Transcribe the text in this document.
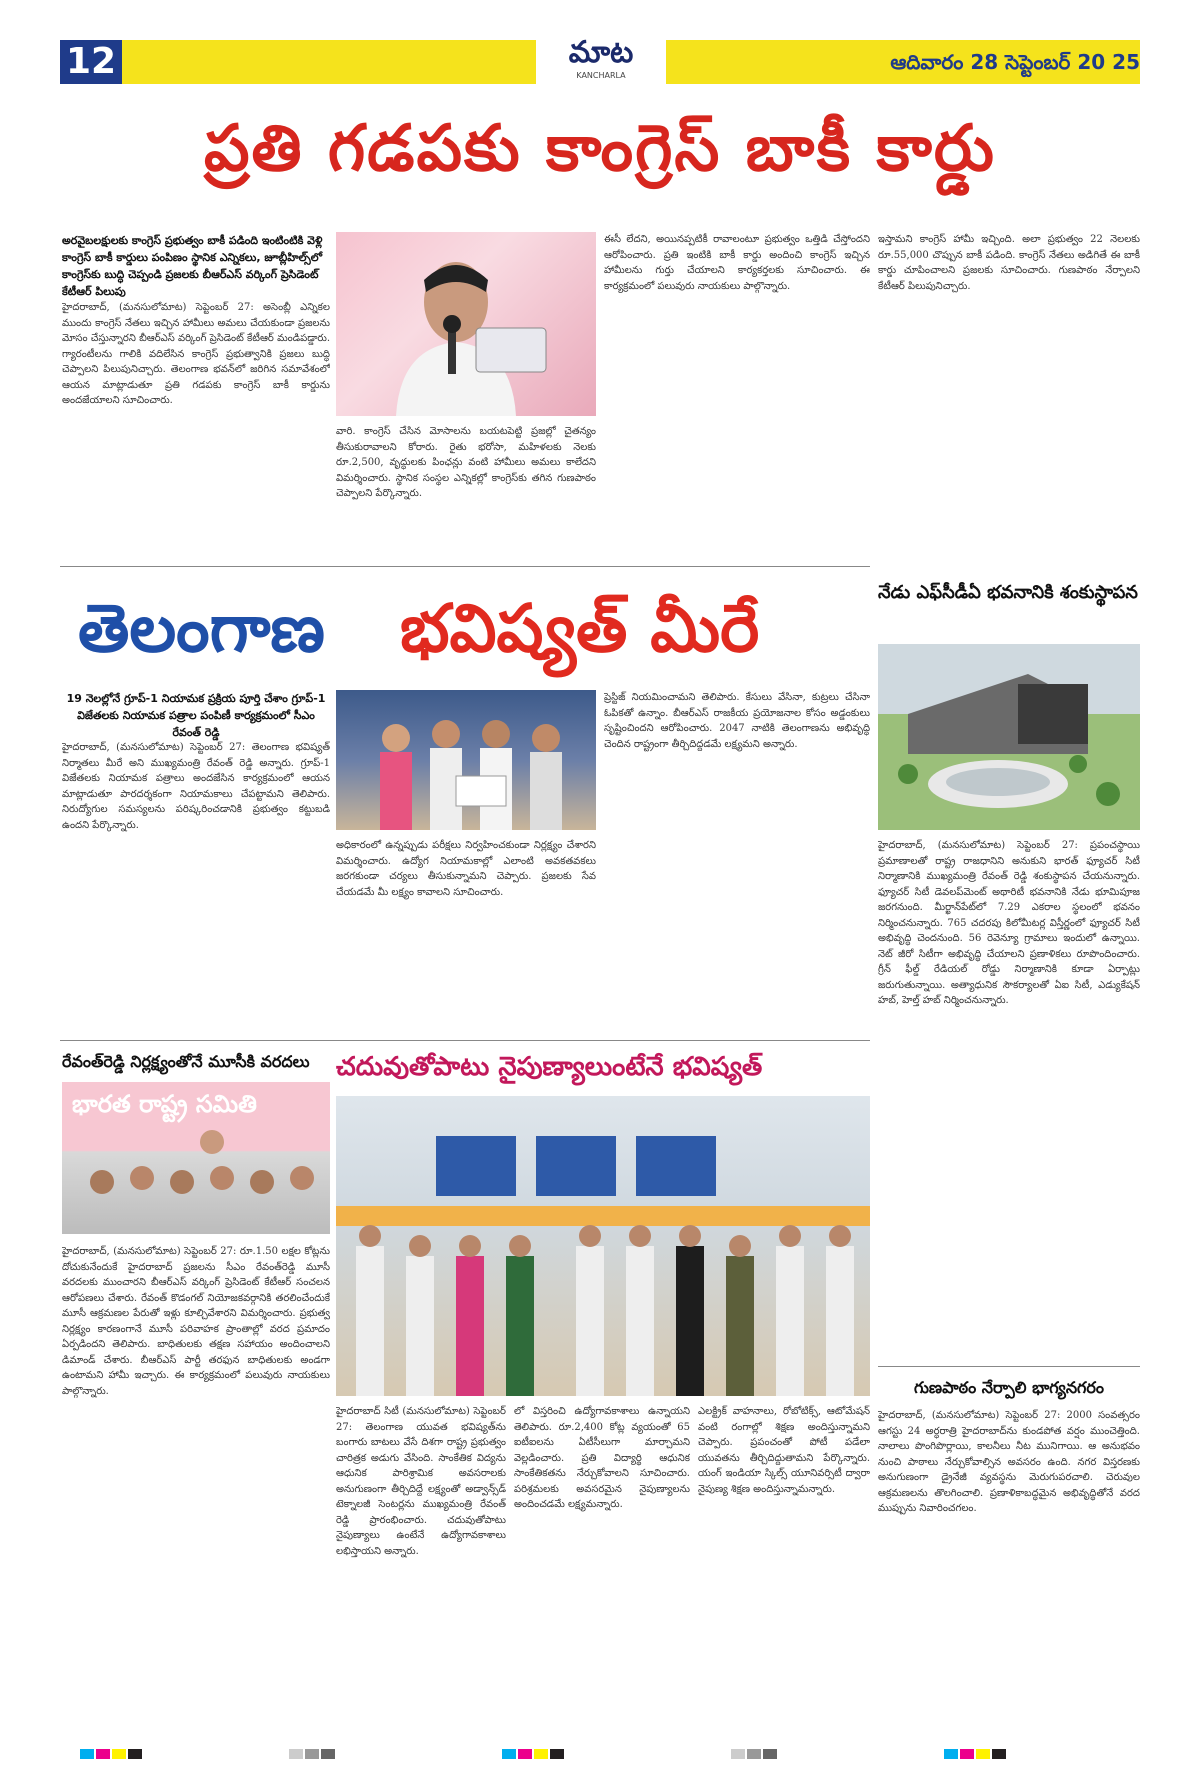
12	మాట
KANCHARLA
ఆదివారం 28 సెప్టెంబర్ 20 25
ప్రతి గడపకు కాంగ్రెస్ బాకీ కార్డు
అరవైబలక్షులకు కాంగ్రెస్ ప్రభుత్వం బాకీ పడింది ఇంటింటికి వెళ్లి కాంగ్రెస్ బాకీ కార్డులు పంపిణం స్థానిక ఎన్నికలు, జూబ్లీహిల్స్‌లో కాంగ్రెస్‌కు బుద్ధి చెప్పండి ప్రజలకు బీఆర్ఎస్ వర్కింగ్ ప్రెసిడెంట్ కేటీఆర్ పిలుపు
హైదరాబాద్, (మనసులోమాట) సెప్టెంబర్ 27: అసెంబ్లీ ఎన్నికల ముందు కాంగ్రెస్ నేతలు ఇచ్చిన హామీలు అమలు చేయకుండా ప్రజలను మోసం చేస్తున్నారని బీఆర్ఎస్ వర్కింగ్ ప్రెసిడెంట్ కేటీఆర్ మండిపడ్డారు. గ్యారంటీలను గాలికి వదిలేసిన కాంగ్రెస్ ప్రభుత్వానికి ప్రజలు బుద్ధి చెప్పాలని పిలుపునిచ్చారు. తెలంగాణ భవన్‌లో జరిగిన సమావేశంలో ఆయన మాట్లాడుతూ ప్రతి గడపకు కాంగ్రెస్ బాకీ కార్డును అందజేయాలని సూచించారు.
వారి. కాంగ్రెస్ చేసిన మోసాలను బయటపెట్టి ప్రజల్లో చైతన్యం తీసుకురావాలని కోరారు. రైతు భరోసా, మహిళలకు నెలకు రూ.2,500, వృద్ధులకు పింఛన్లు వంటి హామీలు అమలు కాలేదని విమర్శించారు. స్థానిక సంస్థల ఎన్నికల్లో కాంగ్రెస్‌కు తగిన గుణపాఠం చెప్పాలని పేర్కొన్నారు.
ఈసీ లేదని, అయినప్పటికీ రావాలంటూ ప్రభుత్వం ఒత్తిడి చేస్తోందని ఆరోపించారు. ప్రతి ఇంటికి బాకీ కార్డు అందించి కాంగ్రెస్ ఇచ్చిన హామీలను గుర్తు చేయాలని కార్యకర్తలకు సూచించారు. ఈ కార్యక్రమంలో పలువురు నాయకులు పాల్గొన్నారు.
ఇస్తామని కాంగ్రెస్ హామీ ఇచ్చింది. అలా ప్రభుత్వం 22 నెలలకు రూ.55,000 చొప్పున బాకీ పడింది. కాంగ్రెస్ నేతలు అడిగితే ఈ బాకీ కార్డు చూపించాలని ప్రజలకు సూచించారు. గుణపాఠం నేర్పాలని కేటీఆర్ పిలుపునిచ్చారు.
తెలంగాణ భవిష్యత్ మీరే
19 నెలల్లోనే గ్రూప్-1 నియామక ప్రక్రియ పూర్తి చేశాం గ్రూప్-1 విజేతలకు నియామక పత్రాల పంపిణీ కార్యక్రమంలో సీఎం రేవంత్ రెడ్డి
హైదరాబాద్, (మనసులోమాట) సెప్టెంబర్ 27: తెలంగాణ భవిష్యత్ నిర్మాతలు మీరే అని ముఖ్యమంత్రి రేవంత్ రెడ్డి అన్నారు. గ్రూప్-1 విజేతలకు నియామక పత్రాలు అందజేసిన కార్యక్రమంలో ఆయన మాట్లాడుతూ పారదర్శకంగా నియామకాలు చేపట్టామని తెలిపారు. నిరుద్యోగుల సమస్యలను పరిష్కరించడానికి ప్రభుత్వం కట్టుబడి ఉందని పేర్కొన్నారు.
అధికారంలో ఉన్నప్పుడు పరీక్షలు నిర్వహించకుండా నిర్లక్ష్యం చేశారని విమర్శించారు. ఉద్యోగ నియామకాల్లో ఎలాంటి అవకతవకలు జరగకుండా చర్యలు తీసుకున్నామని చెప్పారు. ప్రజలకు సేవ చేయడమే మీ లక్ష్యం కావాలని సూచించారు.
ప్రెస్టిజ్ నియమించామని తెలిపారు. కేసులు వేసినా, కుట్రలు చేసినా ఓపికతో ఉన్నాం. బీఆర్ఎస్ రాజకీయ ప్రయోజనాల కోసం అడ్డంకులు సృష్టించిందని ఆరోపించారు. 2047 నాటికి తెలంగాణను అభివృద్ధి చెందిన రాష్ట్రంగా తీర్చిదిద్దడమే లక్ష్యమని అన్నారు.
నేడు ఎఫ్‌సీడీఏ భవనానికి శంకుస్థాపన
హైదరాబాద్, (మనసులోమాట) సెప్టెంబర్ 27: ప్రపంచస్థాయి ప్రమాణాలతో రాష్ట్ర రాజధానిని అనుకుని భారత్ ఫ్యూచర్ సిటీ నిర్మాణానికి ముఖ్యమంత్రి రేవంత్ రెడ్డి శంకుస్థాపన చేయనున్నారు. ఫ్యూచర్ సిటీ డెవలప్‌మెంట్ అథారిటీ భవనానికి నేడు భూమిపూజ జరగనుంది. మీర్ఖాన్‌పేట్‌లో 7.29 ఎకరాల స్థలంలో భవనం నిర్మించనున్నారు. 765 చదరపు కిలోమీటర్ల విస్తీర్ణంలో ఫ్యూచర్ సిటీ అభివృద్ధి చెందనుంది. 56 రెవెన్యూ గ్రామాలు ఇందులో ఉన్నాయి. నెట్ జీరో సిటీగా అభివృద్ధి చేయాలని ప్రణాళికలు రూపొందించారు. గ్రీన్ ఫీల్డ్ రేడియల్ రోడ్డు నిర్మాణానికి కూడా ఏర్పాట్లు జరుగుతున్నాయి. అత్యాధునిక సౌకర్యాలతో ఏఐ సిటీ, ఎడ్యుకేషన్ హబ్, హెల్త్ హబ్ నిర్మించనున్నారు.
రేవంత్‌రెడ్డి నిర్లక్ష్యంతోనే మూసీకి వరదలు
భారత రాష్ట్ర సమితి
హైదరాబాద్, (మనసులోమాట) సెప్టెంబర్ 27: రూ.1.50 లక్షల కోట్లను దోచుకునేందుకే హైదరాబాద్ ప్రజలను సీఎం రేవంత్‌రెడ్డి మూసీ వరదలకు ముంచారని బీఆర్ఎస్ వర్కింగ్ ప్రెసిడెంట్ కేటీఆర్ సంచలన ఆరోపణలు చేశారు. రేవంత్ కొడంగల్ నియోజకవర్గానికి తరలించేందుకే మూసీ ఆక్రమణల పేరుతో ఇళ్లు కూల్చివేశారని విమర్శించారు. ప్రభుత్వ నిర్లక్ష్యం కారణంగానే మూసీ పరివాహక ప్రాంతాల్లో వరద ప్రమాదం ఏర్పడిందని తెలిపారు. బాధితులకు తక్షణ సహాయం అందించాలని డిమాండ్ చేశారు. బీఆర్ఎస్ పార్టీ తరఫున బాధితులకు అండగా ఉంటామని హామీ ఇచ్చారు. ఈ కార్యక్రమంలో పలువురు నాయకులు పాల్గొన్నారు.
చదువుతోపాటు నైపుణ్యాలుంటేనే భవిష్యత్
హైదరాబాద్ సిటీ (మనసులోమాట) సెప్టెంబర్ 27: తెలంగాణ యువత భవిష్యత్‌ను బంగారు బాటలు వేసే దిశగా రాష్ట్ర ప్రభుత్వం చారిత్రక అడుగు వేసింది. సాంకేతిక విద్యను ఆధునిక పారిశ్రామిక అవసరాలకు అనుగుణంగా తీర్చిదిద్దే లక్ష్యంతో అడ్వాన్స్‌డ్ టెక్నాలజీ సెంటర్లను ముఖ్యమంత్రి రేవంత్ రెడ్డి ప్రారంభించారు. చదువుతోపాటు నైపుణ్యాలు ఉంటేనే ఉద్యోగావకాశాలు లభిస్తాయని అన్నారు.
లో విస్తరించి ఉద్యోగావకాశాలు ఉన్నాయని తెలిపారు. రూ.2,400 కోట్ల వ్యయంతో 65 ఐటీఐలను ఏటీసీలుగా మార్చామని వెల్లడించారు. ప్రతి విద్యార్థి ఆధునిక సాంకేతికతను నేర్చుకోవాలని సూచించారు. పరిశ్రమలకు అవసరమైన నైపుణ్యాలను అందించడమే లక్ష్యమన్నారు.
ఎలక్ట్రిక్ వాహనాలు, రోబోటిక్స్, ఆటోమేషన్ వంటి రంగాల్లో శిక్షణ అందిస్తున్నామని చెప్పారు. ప్రపంచంతో పోటీ పడేలా యువతను తీర్చిదిద్దుతామని పేర్కొన్నారు. యంగ్ ఇండియా స్కిల్స్ యూనివర్సిటీ ద్వారా నైపుణ్య శిక్షణ అందిస్తున్నామన్నారు.
గుణపాఠం నేర్పాలి భాగ్యనగరం
హైదరాబాద్, (మనసులోమాట) సెప్టెంబర్ 27: 2000 సంవత్సరం ఆగస్టు 24 అర్ధరాత్రి హైదరాబాద్‌ను కుండపోత వర్షం ముంచెత్తింది. నాలాలు పొంగిపొర్లాయి, కాలనీలు నీట మునిగాయి. ఆ అనుభవం నుంచి పాఠాలు నేర్చుకోవాల్సిన అవసరం ఉంది. నగర విస్తరణకు అనుగుణంగా డ్రైనేజీ వ్యవస్థను మెరుగుపరచాలి. చెరువుల ఆక్రమణలను తొలగించాలి. ప్రణాళికాబద్ధమైన అభివృద్ధితోనే వరద ముప్పును నివారించగలం.
